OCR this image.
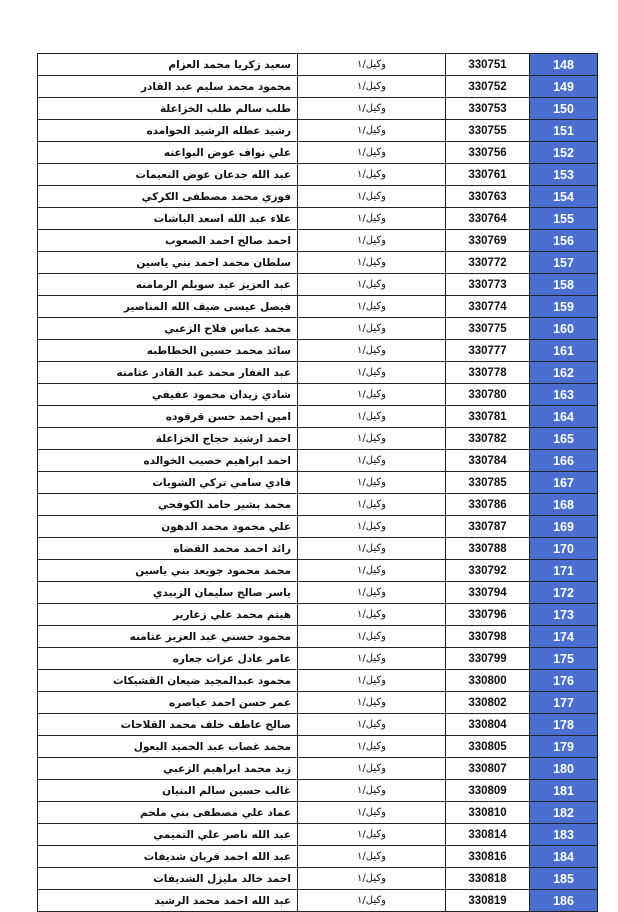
سعيد زكريا محمد العزام	وكيل/١	330751	148
محمود محمد سليم عبد القادر	وكيل/١	330752	149
طلب سالم طلب الخزاعلة	وكيل/١	330753	150
رشيد عطله الرشيد الحوامده	وكيل/١	330755	151
علي نواف عوض البواعنه	وكيل/١	330756	152
عبد الله جدعان عوض النعيمات	وكيل/١	330761	153
فوزي محمد مصطفى الكركي	وكيل/١	330763	154
علاء عبد الله اسعد الباشات	وكيل/١	330764	155
احمد صالح احمد الصعوب	وكيل/١	330769	156
سلطان محمد احمد بني ياسين	وكيل/١	330772	157
عبد العزيز عيد سويلم الرمامنه	وكيل/١	330773	158
فيصل عيسى ضيف الله المناصير	وكيل/١	330774	159
محمد عباس فلاح الزعبي	وكيل/١	330775	160
سائد محمد حسين الخطاطبه	وكيل/١	330777	161
عبد الغفار محمد عبد القادر عثامنه	وكيل/١	330778	162
شادي زيدان محمود عفيفي	وكيل/١	330780	163
امين احمد حسن قرقوده	وكيل/١	330781	164
احمد ارشيد حجاج الخزاعلة	وكيل/١	330782	165
احمد ابراهيم خصيب الخوالده	وكيل/١	330784	166
فادي سامي تركي الشويات	وكيل/١	330785	167
محمد بشير حامد الكوفحي	وكيل/١	330786	168
علي محمود محمد الدهون	وكيل/١	330787	169
رائد احمد محمد القضاه	وكيل/١	330788	170
محمد محمود جويعد بني ياسين	وكيل/١	330792	171
ياسر صالح سليمان الزبيدي	وكيل/١	330794	172
هيثم محمد علي زعارير	وكيل/١	330796	173
محمود حسني عبد العزيز عثامنه	وكيل/١	330798	174
عامر عادل عزات جعاره	وكيل/١	330799	175
محمود عبدالمجيد ضيعان القشيكات	وكيل/١	330800	176
عمر حسن احمد عياصره	وكيل/١	330802	177
صالح عاطف خلف محمد القلاحات	وكيل/١	330804	178
محمد غصاب عبد الحميد البعول	وكيل/١	330805	179
زيد محمد ابراهيم الزعبي	وكيل/١	330807	180
غالب حسين سالم البنيان	وكيل/١	330809	181
عماد علي مصطفى بني ملحم	وكيل/١	330810	182
عبد الله ناصر علي التميمي	وكيل/١	330814	183
عبد الله احمد قربان شديفات	وكيل/١	330816	184
احمد خالد مليزل الشديفات	وكيل/١	330818	185
عبد الله احمد محمد الرشيد	وكيل/١	330819	186
